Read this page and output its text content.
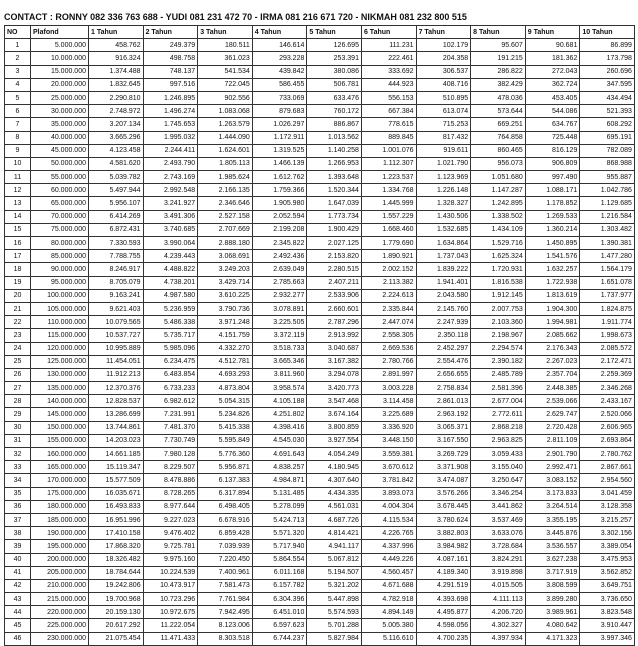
CONTACT : RONNY 082 336 763 688 - YUDI 081 231 472 70 - IRMA 081 216 671 720 - NIKMAH 081 232 800 515
NO	Plafond	1 Tahun	2 Tahun	3 Tahun	4 Tahun	5 Tahun	6 Tahun	7 Tahun	8 Tahun	9 Tahun	10 Tahun
1	5.000.000	458.762	249.379	180.511	146.614	126.695	111.231	102.179	95.607	90.681	86.899
2	10.000.000	916.324	498.758	361.023	293.228	253.391	222.461	204.358	191.215	181.362	173.798
3	15.000.000	1.374.488	748.137	541.534	439.842	380.086	333.692	306.537	286.822	272.043	260.696
4	20.000.000	1.832.645	997.516	722.045	586.455	506.781	444.923	408.716	382.429	362.724	347.595
5	25.000.000	2.290.810	1.246.895	902.556	733.069	633.476	556.153	510.895	478.036	453.405	434.494
6	30.000.000	2.748.972	1.496.274	1.083.068	879.683	760.172	667.384	613.074	573.644	544.086	521.393
7	35.000.000	3.207.134	1.745.653	1.263.579	1.026.297	886.867	778.615	715.253	669.251	634.767	608.292
8	40.000.000	3.665.296	1.995.032	1.444.090	1.172.911	1.013.562	889.845	817.432	764.858	725.448	695.191
9	45.000.000	4.123.458	2.244.411	1.624.601	1.319.525	1.140.258	1.001.076	919.611	860.465	816.129	782.089
10	50.000.000	4.581.620	2.493.790	1.805.113	1.466.139	1.266.953	1.112.307	1.021.790	956.073	906.809	868.988
11	55.000.000	5.039.782	2.743.169	1.985.624	1.612.762	1.393.648	1.223.537	1.123.969	1.051.680	997.490	955.887
12	60.000.000	5.497.944	2.992.548	2.166.135	1.759.366	1.520.344	1.334.768	1.226.148	1.147.287	1.088.171	1.042.786
13	65.000.000	5.956.107	3.241.927	2.346.646	1.905.980	1.647.039	1.445.999	1.328.327	1.242.895	1.178.852	1.129.685
14	70.000.000	6.414.269	3.491.306	2.527.158	2.052.594	1.773.734	1.557.229	1.430.506	1.338.502	1.269.533	1.216.584
15	75.000.000	6.872.431	3.740.685	2.707.669	2.199.208	1.900.429	1.668.460	1.532.685	1.434.109	1.360.214	1.303.482
16	80.000.000	7.330.593	3.990.064	2.888.180	2.345.822	2.027.125	1.779.690	1.634.864	1.529.716	1.450.895	1.390.381
17	85.000.000	7.788.755	4.239.443	3.068.691	2.492.436	2.153.820	1.890.921	1.737.043	1.625.324	1.541.576	1.477.280
18	90.000.000	8.246.917	4.488.822	3.249.203	2.639.049	2.280.515	2.002.152	1.839.222	1.720.931	1.632.257	1.564.179
19	95.000.000	8.705.079	4.738.201	3.429.714	2.785.663	2.407.211	2.113.382	1.941.401	1.816.538	1.722.938	1.651.078
20	100.000.000	9.163.241	4.987.580	3.610.225	2.932.277	2.533.906	2.224.613	2.043.580	1.912.145	1.813.619	1.737.977
21	105.000.000	9.621.403	5.236.959	3.790.736	3.078.891	2.660.601	2.335.844	2.145.760	2.007.753	1.904.300	1.824.875
22	110.000.000	10.079.565	5.486.338	3.971.248	3.225.505	2.787.296	2.447.074	2.247.939	2.103.360	1.994.981	1.911.774
23	115.000.000	10.537.727	5.735.717	4.151.759	3.372.119	2.913.992	2.558.305	2.350.118	2.198.967	2.085.662	1.998.673
24	120.000.000	10.995.889	5.985.096	4.332.270	3.518.733	3.040.687	2.669.536	2.452.297	2.294.574	2.176.343	2.085.572
25	125.000.000	11.454.051	6.234.475	4.512.781	3.665.346	3.167.382	2.780.766	2.554.476	2.390.182	2.267.023	2.172.471
26	130.000.000	11.912.213	6.483.854	4.693.293	3.811.960	3.294.078	2.891.997	2.656.655	2.485.789	2.357.704	2.259.369
27	135.000.000	12.370.376	6.733.233	4.873.804	3.958.574	3.420.773	3.003.228	2.758.834	2.581.396	2.448.385	2.346.268
28	140.000.000	12.828.537	6.982.612	5.054.315	4.105.188	3.547.468	3.114.458	2.861.013	2.677.004	2.539.066	2.433.167
29	145.000.000	13.286.699	7.231.991	5.234.826	4.251.802	3.674.164	3.225.689	2.963.192	2.772.611	2.629.747	2.520.066
30	150.000.000	13.744.861	7.481.370	5.415.338	4.398.416	3.800.859	3.336.920	3.065.371	2.868.218	2.720.428	2.606.965
31	155.000.000	14.203.023	7.730.749	5.595.849	4.545.030	3.927.554	3.448.150	3.167.550	2.963.825	2.811.109	2.693.864
32	160.000.000	14.661.185	7.980.128	5.776.360	4.691.643	4.054.249	3.559.381	3.269.729	3.059.433	2.901.790	2.780.762
33	165.000.000	15.119.347	8.229.507	5.956.871	4.838.257	4.180.945	3.670.612	3.371.908	3.155.040	2.992.471	2.867.661
34	170.000.000	15.577.509	8.478.886	6.137.383	4.984.871	4.307.640	3.781.842	3.474.087	3.250.647	3.083.152	2.954.560
35	175.000.000	16.035.671	8.728.265	6.317.894	5.131.485	4.434.335	3.893.073	3.576.266	3.346.254	3.173.833	3.041.459
36	180.000.000	16.493.833	8.977.644	6.498.405	5.278.099	4.561.031	4.004.304	3.678.445	3.441.862	3.264.514	3.128.358
37	185.000.000	16.951.996	9.227.023	6.678.916	5.424.713	4.687.726	4.115.534	3.780.624	3.537.469	3.355.195	3.215.257
38	190.000.000	17.410.158	9.476.402	6.859.428	5.571.320	4.814.421	4.226.765	3.882.803	3.633.076	3.445.876	3.302.156
39	195.000.000	17.868.320	9.725.781	7.039.939	5.717.940	4.941.117	4.337.996	3.984.982	3.728.684	3.536.557	3.389.054
40	200.000.000	18.326.482	9.975.160	7.220.450	5.864.554	5.067.812	4.449.226	4.087.161	3.824.291	3.627.238	3.475.953
41	205.000.000	18.784.644	10.224.539	7.400.961	6.011.168	5.194.507	4.560.457	4.189.340	3.919.898	3.717.919	3.562.852
42	210.000.000	19.242.806	10.473.917	7.581.473	6.157.782	5.321.202	4.671.688	4.291.519	4.015.505	3.808.599	3.649.751
43	215.000.000	19.700.968	10.723.296	7.761.984	6.304.396	5.447.898	4.782.918	4.393.698	4.111.113	3.899.280	3.736.650
44	220.000.000	20.159.130	10.972.675	7.942.495	6.451.010	5.574.593	4.894.149	4.495.877	4.206.720	3.989.961	3.823.548
45	225.000.000	20.617.292	11.222.054	8.123.006	6.597.623	5.701.288	5.005.380	4.598.056	4.302.327	4.080.642	3.910.447
46	230.000.000	21.075.454	11.471.433	8.303.518	6.744.237	5.827.984	5.116.610	4.700.235	4.397.934	4.171.323	3.997.346
